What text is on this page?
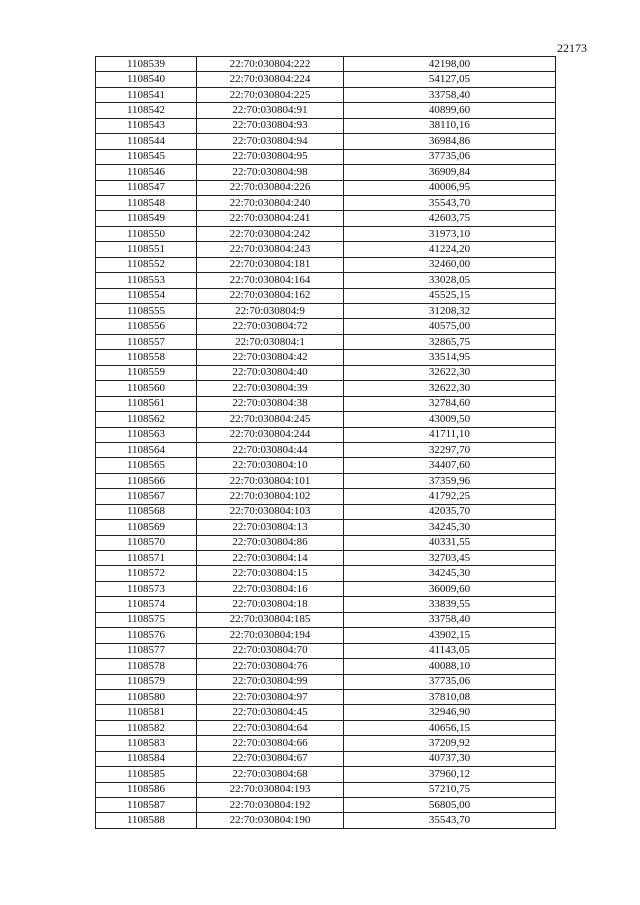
22173
1108539	22:70:030804:222	42198,00
1108540	22:70:030804:224	54127,05
1108541	22:70:030804:225	33758,40
1108542	22:70:030804:91	40899,60
1108543	22:70:030804:93	38110,16
1108544	22:70:030804:94	36984,86
1108545	22:70:030804:95	37735,06
1108546	22:70:030804:98	36909,84
1108547	22:70:030804:226	40006,95
1108548	22:70:030804:240	35543,70
1108549	22:70:030804:241	42603,75
1108550	22:70:030804:242	31973,10
1108551	22:70:030804:243	41224,20
1108552	22:70:030804:181	32460,00
1108553	22:70:030804:164	33028,05
1108554	22:70:030804:162	45525,15
1108555	22:70:030804:9	31208,32
1108556	22:70:030804:72	40575,00
1108557	22:70:030804:1	32865,75
1108558	22:70:030804:42	33514,95
1108559	22:70:030804:40	32622,30
1108560	22:70:030804:39	32622,30
1108561	22:70:030804:38	32784,60
1108562	22:70:030804:245	43009,50
1108563	22:70:030804:244	41711,10
1108564	22:70:030804:44	32297,70
1108565	22:70:030804:10	34407,60
1108566	22:70:030804:101	37359,96
1108567	22:70:030804:102	41792,25
1108568	22:70:030804:103	42035,70
1108569	22:70:030804:13	34245,30
1108570	22:70:030804:86	40331,55
1108571	22:70:030804:14	32703,45
1108572	22:70:030804:15	34245,30
1108573	22:70:030804:16	36009,60
1108574	22:70:030804:18	33839,55
1108575	22:70:030804:185	33758,40
1108576	22:70:030804:194	43902,15
1108577	22:70:030804:70	41143,05
1108578	22:70:030804:76	40088,10
1108579	22:70:030804:99	37735,06
1108580	22:70:030804:97	37810,08
1108581	22:70:030804:45	32946,90
1108582	22:70:030804:64	40656,15
1108583	22:70:030804:66	37209,92
1108584	22:70:030804:67	40737,30
1108585	22:70:030804:68	37960,12
1108586	22:70:030804:193	57210,75
1108587	22:70:030804:192	56805,00
1108588	22:70:030804:190	35543,70
